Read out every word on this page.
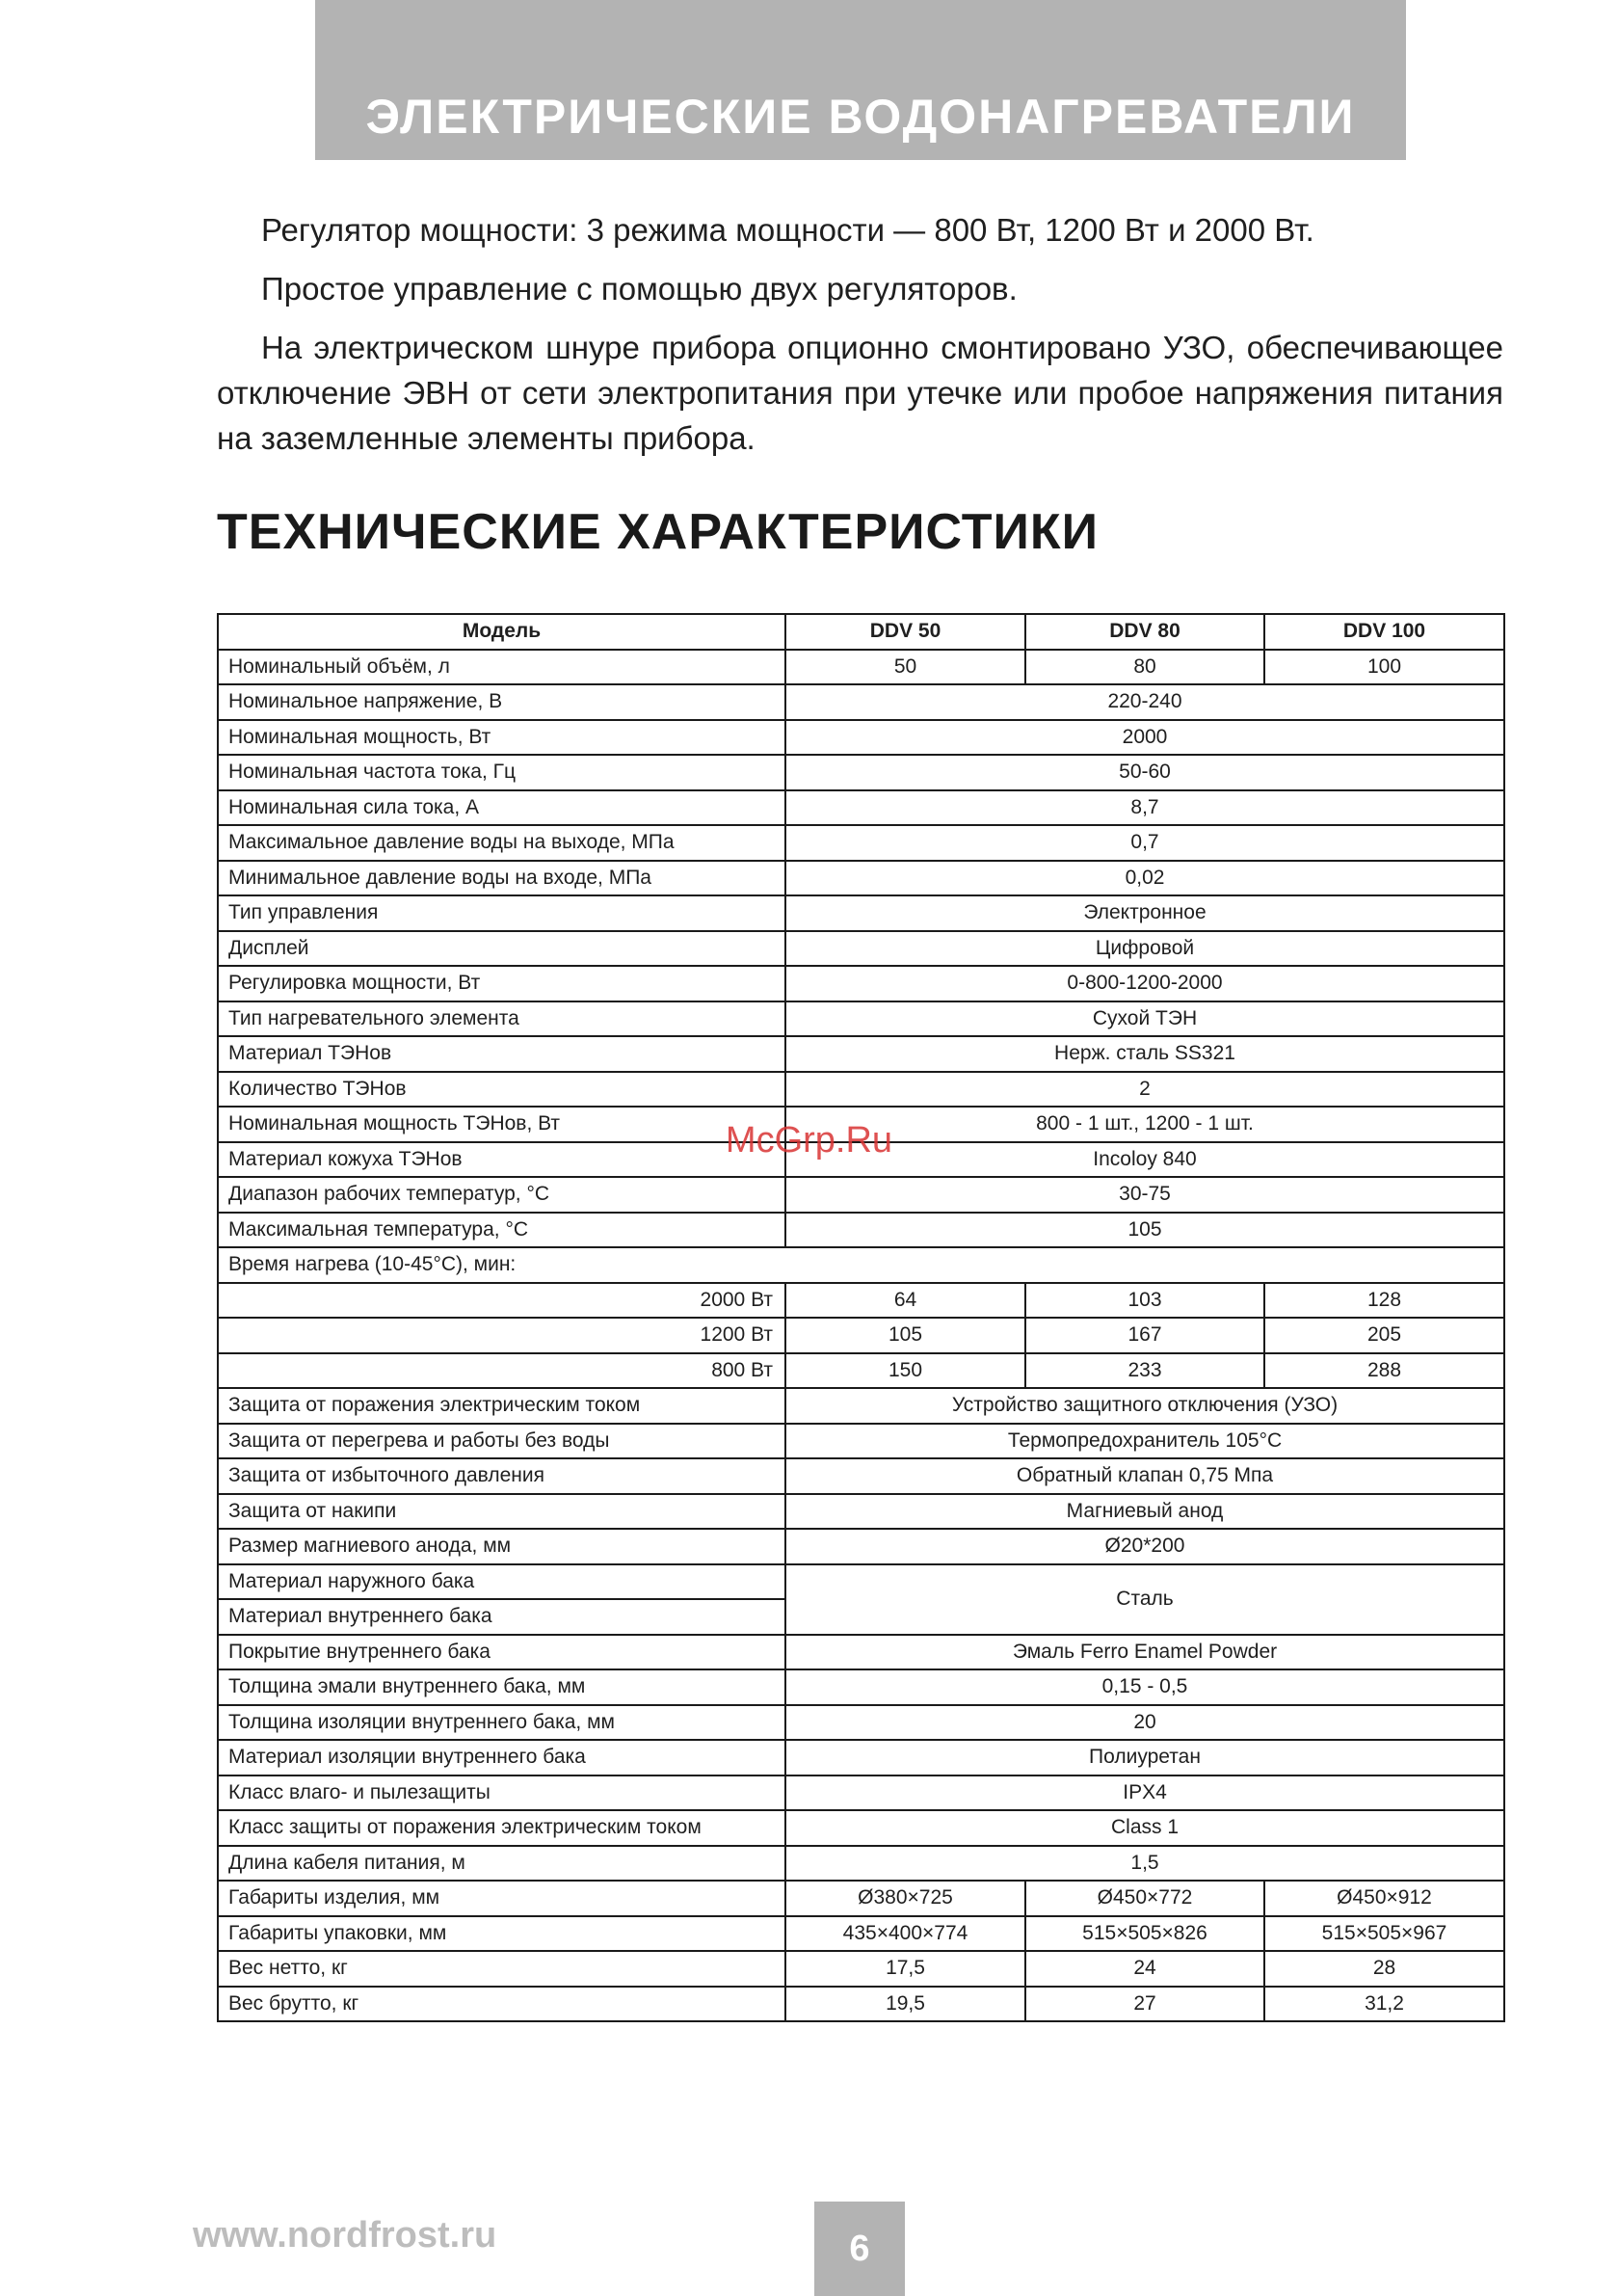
ЭЛЕКТРИЧЕСКИЕ ВОДОНАГРЕВАТЕЛИ
Регулятор мощности: 3 режима мощности — 800 Вт, 1200 Вт и 2000 Вт.
Простое управление с помощью двух регуляторов.
На электрическом шнуре прибора опционно смонтировано УЗО, обеспечивающее отключение ЭВН от сети электропитания при утечке или пробое напряжения питания на заземленные элементы прибора.
ТЕХНИЧЕСКИЕ ХАРАКТЕРИСТИКИ
Модель	DDV 50	DDV 80	DDV 100
Номинальный объём, л	50	80	100
Номинальное напряжение, В	220-240		
Номинальная мощность, Вт	2000		
Номинальная частота тока, Гц	50-60		
Номинальная сила тока, А	8,7		
Максимальное давление воды на выходе, МПа	0,7		
Минимальное давление воды на входе, МПа	0,02		
Тип управления	Электронное		
Дисплей	Цифровой		
Регулировка мощности, Вт	0-800-1200-2000		
Тип нагревательного элемента	Сухой ТЭН		
Материал ТЭНов	Нерж. сталь SS321		
Количество ТЭНов	2		
Номинальная мощность ТЭНов, Вт	800 - 1 шт., 1200 - 1 шт.		
Материал кожуха ТЭНов	Incoloy 840		
Диапазон рабочих температур, °С	30-75		
Максимальная температура, °С	105		
Время нагрева (10-45°С), мин:			
2000 Вт	64	103	128
1200 Вт	105	167	205
800 Вт	150	233	288
Защита от поражения электрическим током	Устройство защитного отключения (УЗО)		
Защита от перегрева и работы без воды	Термопредохранитель 105°С		
Защита от избыточного давления	Обратный клапан 0,75 Мпа		
Защита от накипи	Магниевый анод		
Размер магниевого анода, мм	Ø20*200		
Материал наружного бака	Сталь		
Материал внутреннего бака			
Покрытие внутреннего бака	Эмаль Ferro Enamel Powder		
Толщина эмали внутреннего бака, мм	0,15 - 0,5		
Толщина изоляции внутреннего бака, мм	20		
Материал изоляции внутреннего бака	Полиуретан		
Класс влаго- и пылезащиты	IPX4		
Класс защиты от поражения электрическим током	Class 1		
Длина кабеля питания, м	1,5		
Габариты изделия, мм	Ø380×725	Ø450×772	Ø450×912
Габариты упаковки, мм	435×400×774	515×505×826	515×505×967
Вес нетто, кг	17,5	24	28
Вес брутто, кг	19,5	27	31,2
McGrp.Ru
www.nordfrost.ru	6
